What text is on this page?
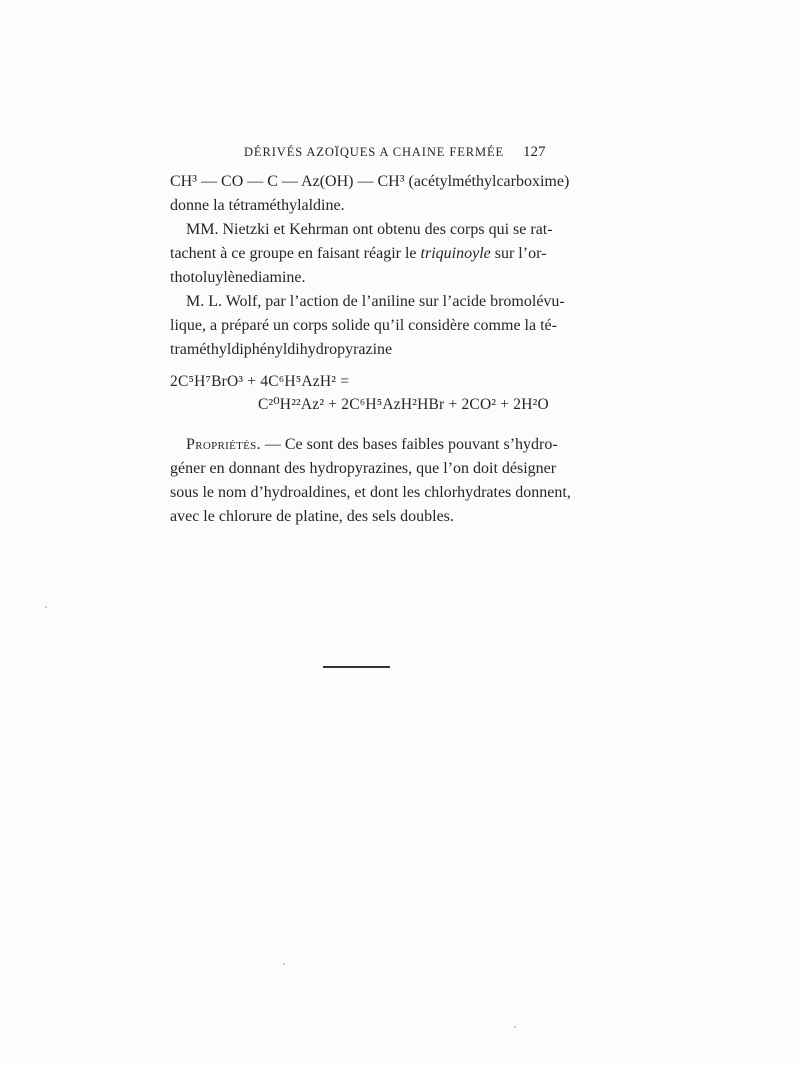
DÉRIVÉS AZOÏQUES A CHAINE FERMÉE 127
CH³ — CO — C — Az(OH) — CH³ (acétylméthylcarboxime)
donne la tétraméthylaldine.
MM. Nietzki et Kehrman ont obtenu des corps qui se rat-
tachent à ce groupe en faisant réagir le triquinoyle sur l’or-
thotoluylènediamine.
M. L. Wolf, par l’action de l’aniline sur l’acide bromolévu-
lique, a préparé un corps solide qu’il considère comme la té-
traméthyldiphényldihydropyrazine
2C⁵H⁷BrO³ + 4C⁶H⁵AzH² =
C²⁰H²²Az² + 2C⁶H⁵AzH²HBr + 2CO² + 2H²O
Propriétés. — Ce sont des bases faibles pouvant s’hydro-
géner en donnant des hydropyrazines, que l’on doit désigner
sous le nom d’hydroaldines, et dont les chlorhydrates donnent,
avec le chlorure de platine, des sels doubles.
